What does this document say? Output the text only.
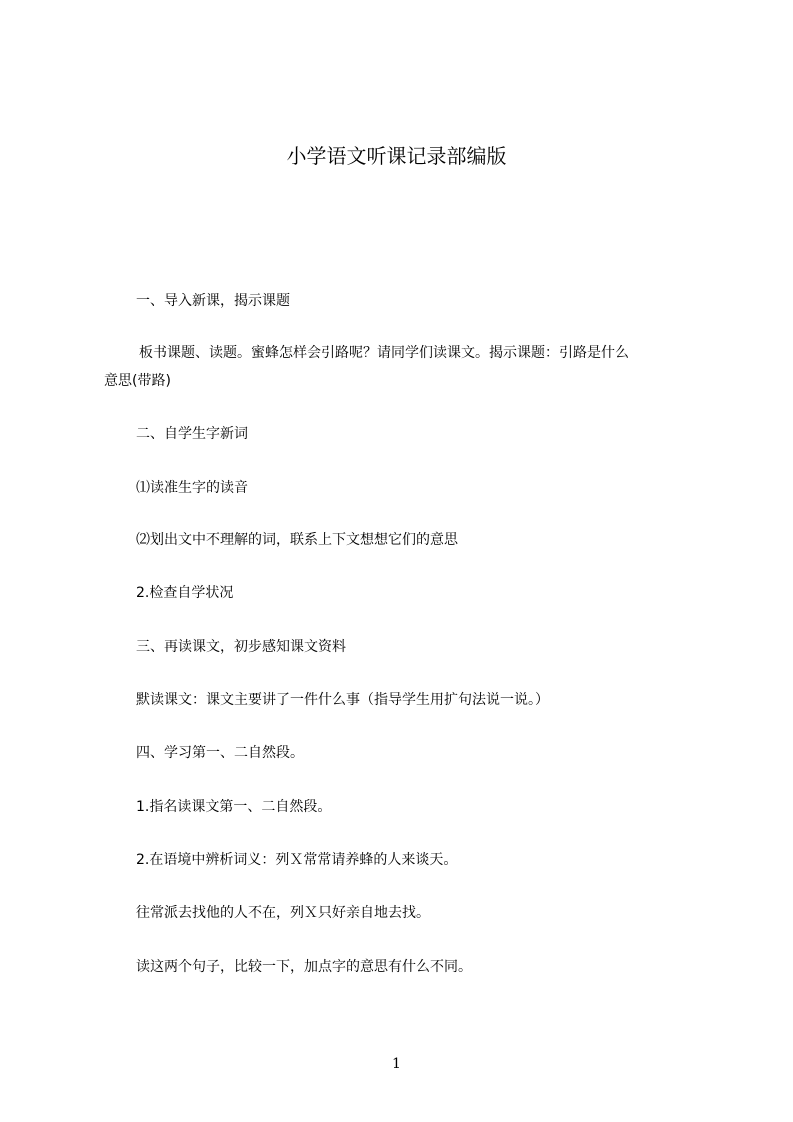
小学语文听课记录部编版
一、导入新课，揭示课题
板书课题、读题。蜜蜂怎样会引路呢？请同学们读课文。揭示课题：引路是什么
意思(带路)
二、自学生字新词
⑴读准生字的读音
⑵划出文中不理解的词，联系上下文想想它们的意思
2.检查自学状况
三、再读课文，初步感知课文资料
默读课文：课文主要讲了一件什么事（指导学生用扩句法说一说。）
四、学习第一、二自然段。
1.指名读课文第一、二自然段。
2.在语境中辨析词义：列Ｘ常常请养蜂的人来谈天。
往常派去找他的人不在，列Ｘ只好亲自地去找。
读这两个句子，比较一下，加点字的意思有什么不同。
1
